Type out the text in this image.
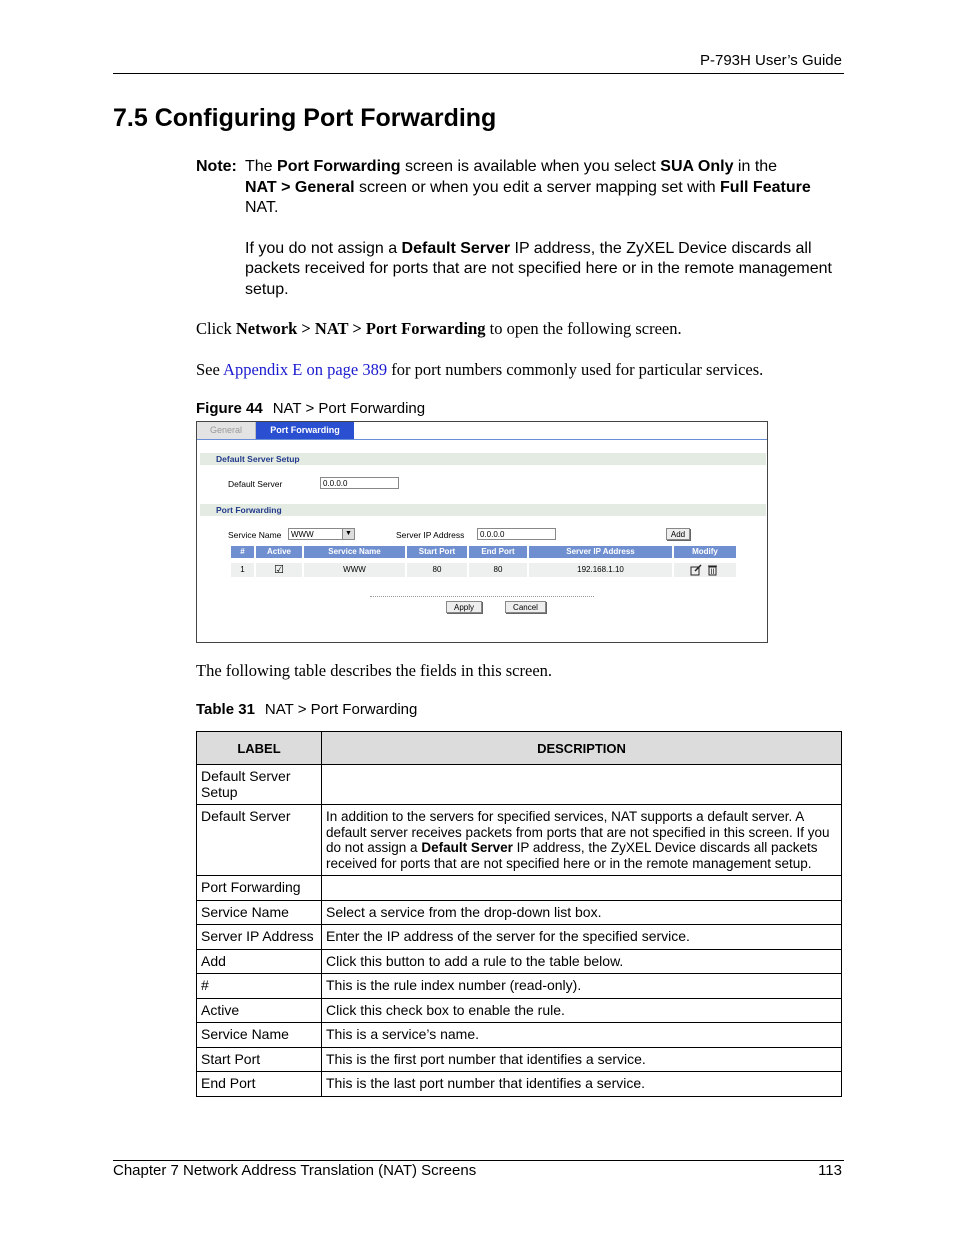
P-793H User’s Guide
7.5 Configuring Port Forwarding
Note: The Port Forwarding screen is available when you select SUA Only in the
NAT > General screen or when you edit a server mapping set with Full Feature NAT.

If you do not assign a Default Server IP address, the ZyXEL Device discards all packets received for ports that are not specified here or in the remote management setup.

Click Network > NAT > Port Forwarding to open the following screen.
See Appendix E on page 389 for port numbers commonly used for particular services.
Figure 44 NAT > Port Forwarding
General	Port Forwarding
Default Server Setup
Default Server	0.0.0.0
Port Forwarding
Service Name	WWW	▼	Server IP Address	0.0.0.0	Add
#	Active	Service Name	Start Port	End Port	Server IP Address	Modify
1	☑	WWW	80	80	192.168.1.10
Apply	Cancel
The following table describes the fields in this screen.
Table 31 NAT > Port Forwarding
LABEL	DESCRIPTION
Default Server Setup	
Default Server	In addition to the servers for specified services, NAT supports a default server. A default server receives packets from ports that are not specified in this screen. If you do not assign a Default Server IP address, the ZyXEL Device discards all packets received for ports that are not specified here or in the remote management setup.
Port Forwarding	
Service Name	Select a service from the drop-down list box.
Server IP Address	Enter the IP address of the server for the specified service.
Add	Click this button to add a rule to the table below.
#	This is the rule index number (read-only).
Active	Click this check box to enable the rule.
Service Name	This is a service’s name.
Start Port	This is the first port number that identifies a service.
End Port	This is the last port number that identifies a service.
Chapter 7 Network Address Translation (NAT) Screens	113
